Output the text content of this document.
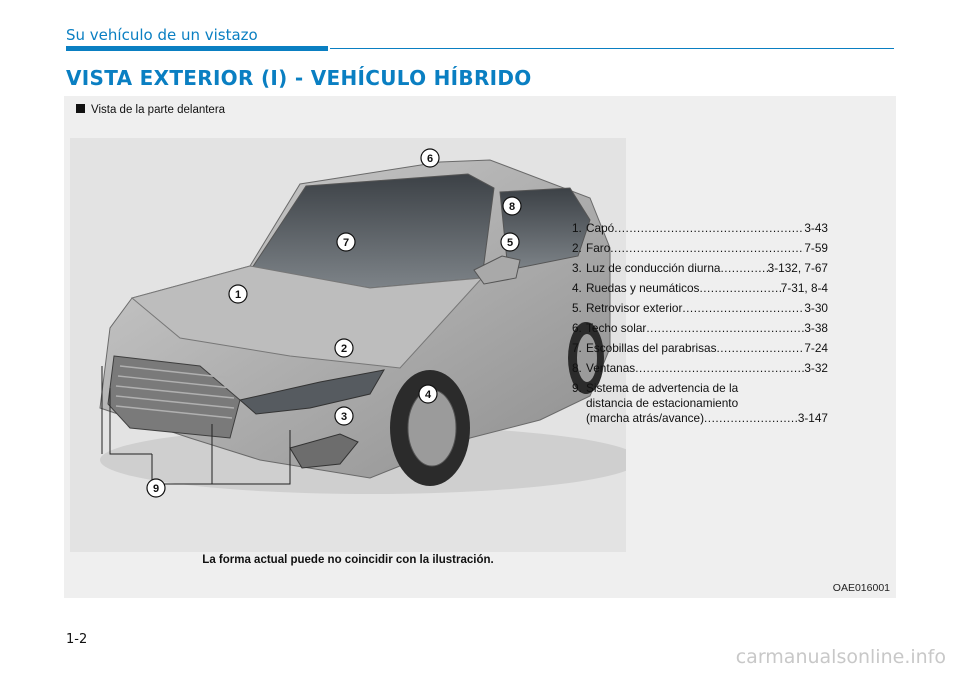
Su vehículo de un vistazo
VISTA EXTERIOR (I) - VEHÍCULO HÍBRIDO
Vista de la parte delantera
1
2
3
4
5
6
7
8
9
La forma actual puede no coincidir con la ilustración.
OAE016001
1. Capó .....	3-43
2. Faro .....	7-59
3. Luz de conducción diurna .....	3-132, 7-67
4. Ruedas y neumáticos .....	7-31, 8-4
5. Retrovisor exterior .....	3-30
6. Techo solar .....	3-38
7. Escobillas del parabrisas .....	7-24
8. Ventanas .....	3-32
9. Sistema de advertencia de la
distancia de estacionamiento
(marcha atrás/avance) .....	3-147
1-2
carmanualsonline.info
